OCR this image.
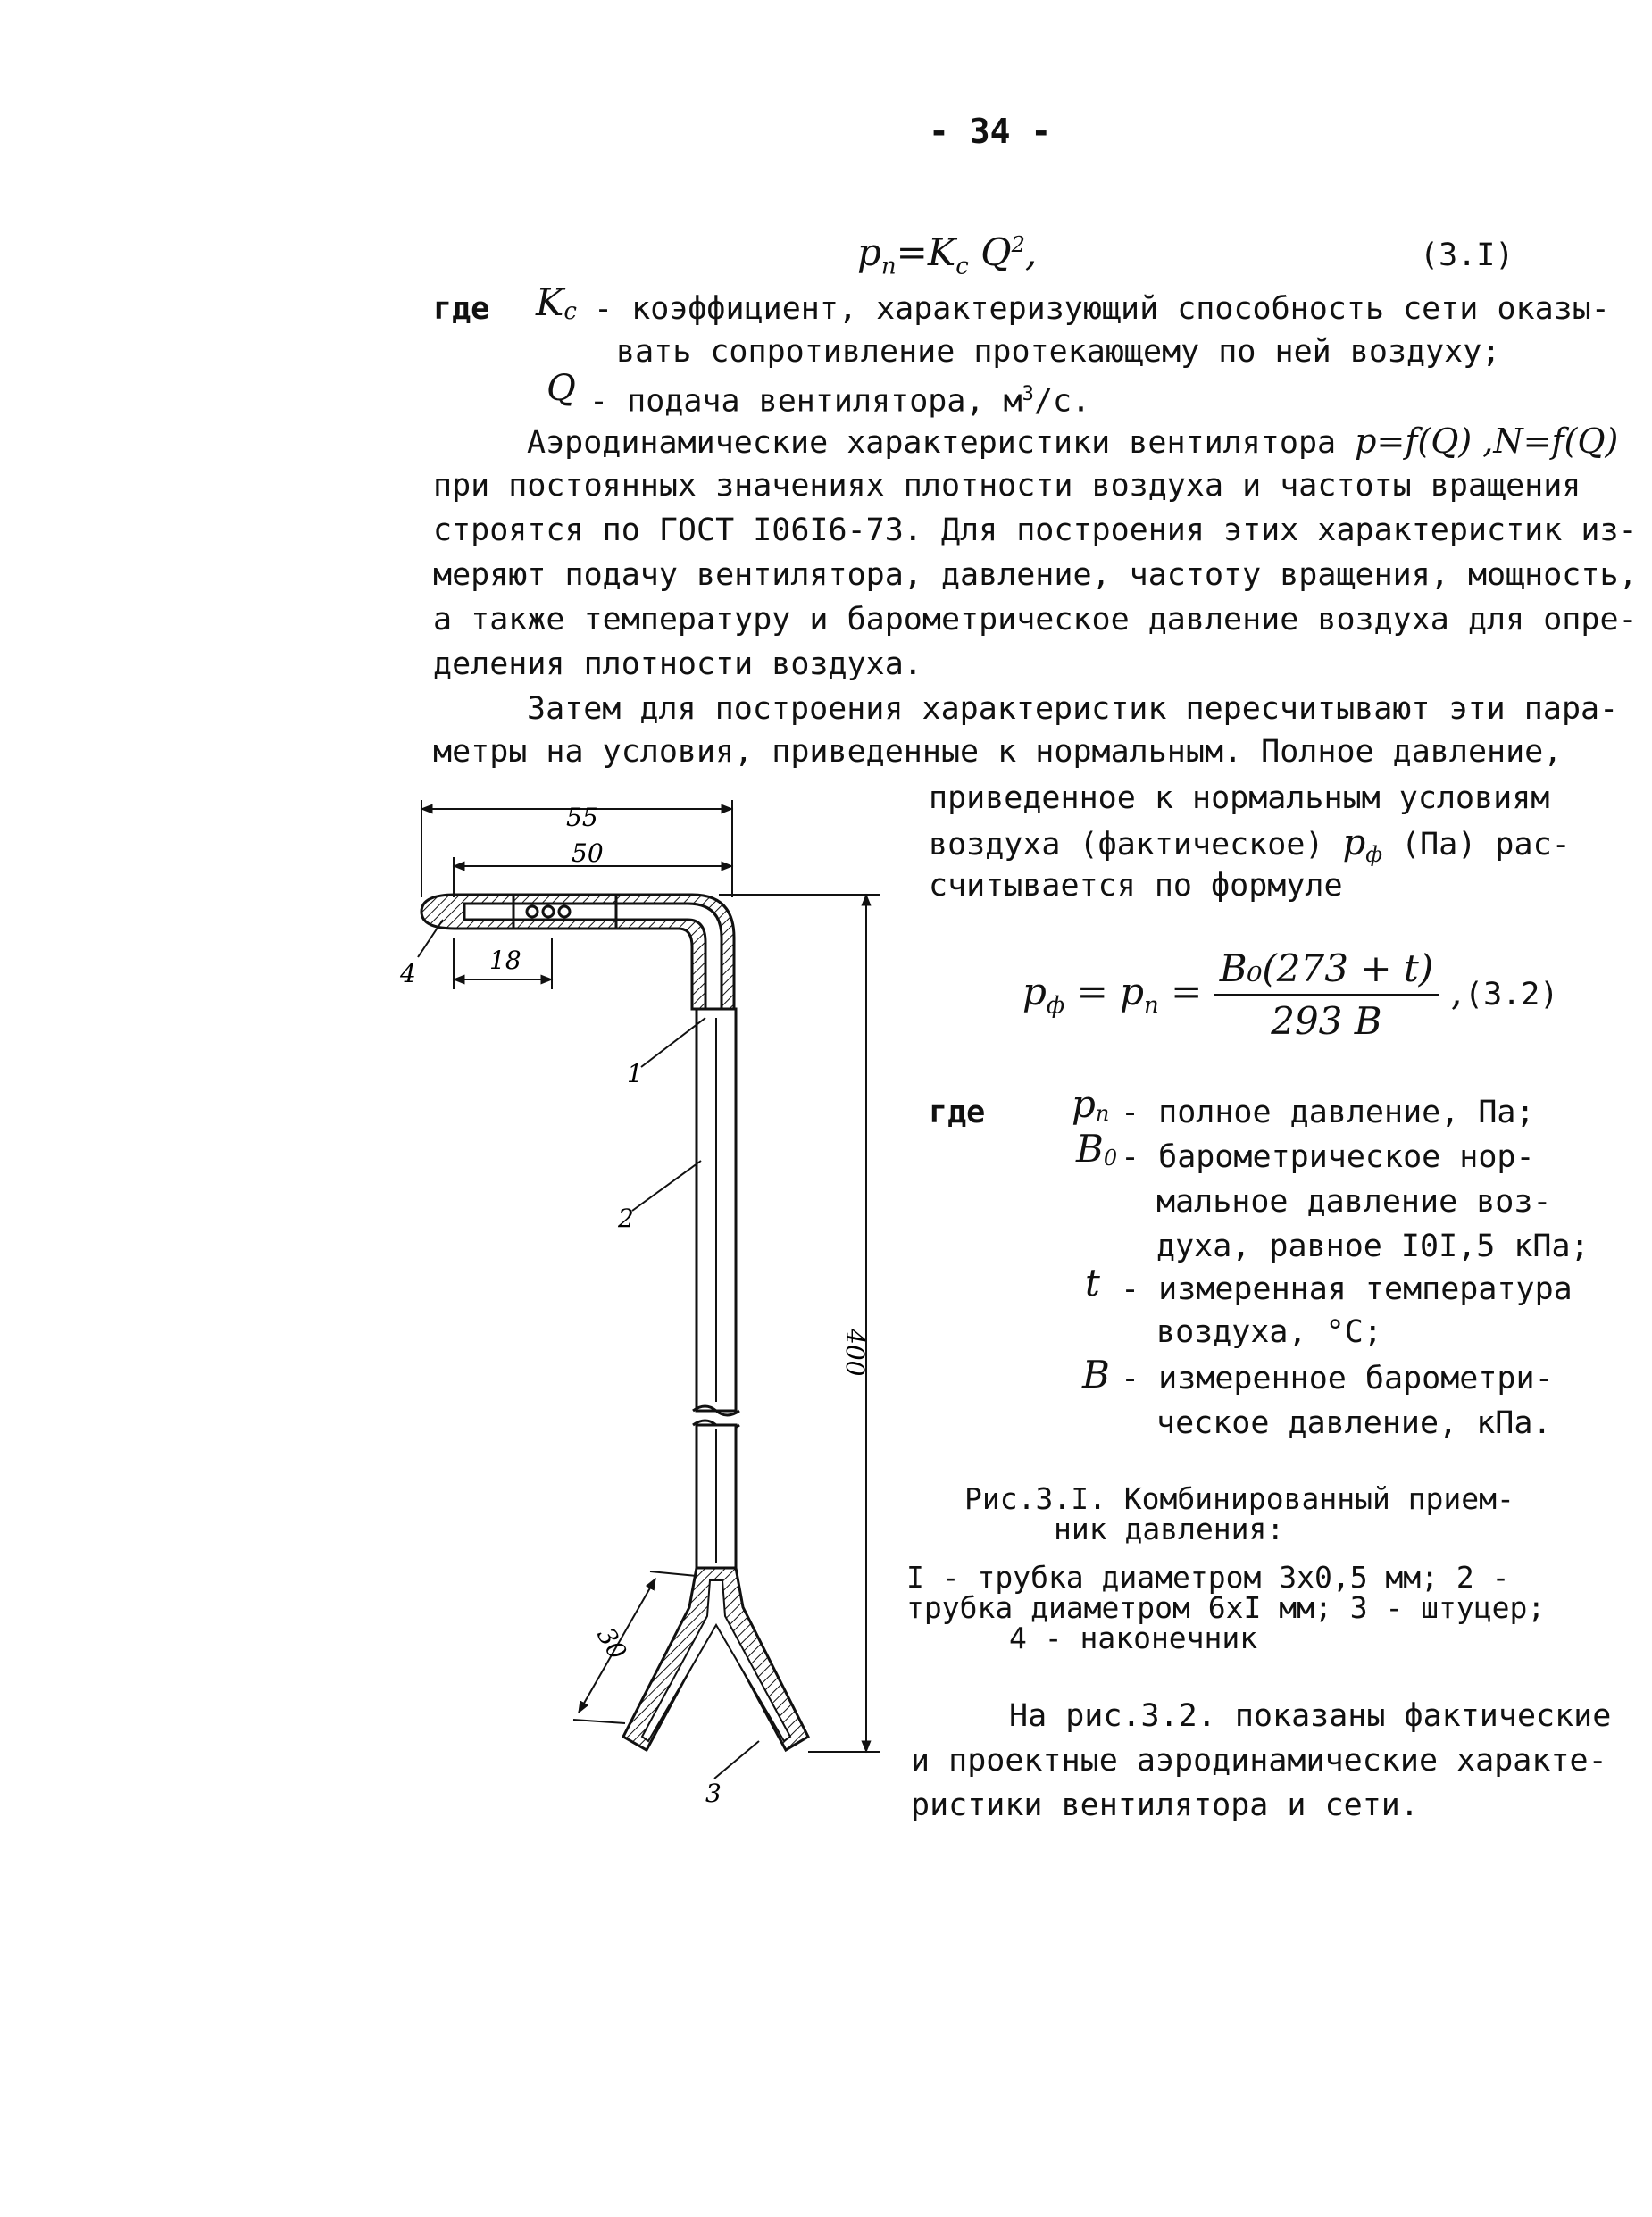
- 34 -
$p_n=K_c$ $Q^2$,	(3.I)
где $K_c$ - коэффициент, характеризующий способность сети оказы-
вать сопротивление протекающему по ней воздуху;
Q - подача вентилятора, $м^3/с$.
Аэродинамические характеристики вентилятора p=f(Q) ,N=f(Q)
при постоянных значениях плотности воздуха и частоты вращения
строятся по ГОСТ I06I6-73. Для построения этих характеристик из-
меряют подачу вентилятора, давление, частоту вращения, мощность,
а также температуру и барометрическое давление воздуха для опре-
деления плотности воздуха.
Затем для построения характеристик пересчитывают эти пара-
метры на условия, приведенные к нормальным. Полное давление,
приведенное к нормальным условиям
воздуха (фактическое) $p_ф$ (Па) рас-
считывается по формуле
$p_ф = p_n = \frac{\text{B₀(273 + t)}}{293 B}$ , (3.2)
где $p_n$ - полное давление, Па;
$B_0$ - барометрическое нор-
мальное давление воз-
духа, равное I0I,5 кПа;
t - измеренная температура
воздуха, °C;
B - измеренное барометри-
ческое давление, кПа.
Рис.3.I. Комбинированный прием-
ник давления:
I - трубка диаметром 3x0,5 мм; 2 -
трубка диаметром 6xI мм; 3 - штуцер;
4 - наконечник
На рис.3.2. показаны фактические
и проектные аэродинамические характе-
ристики вентилятора и сети.
55
50
18
400
30
1
2
3
4
